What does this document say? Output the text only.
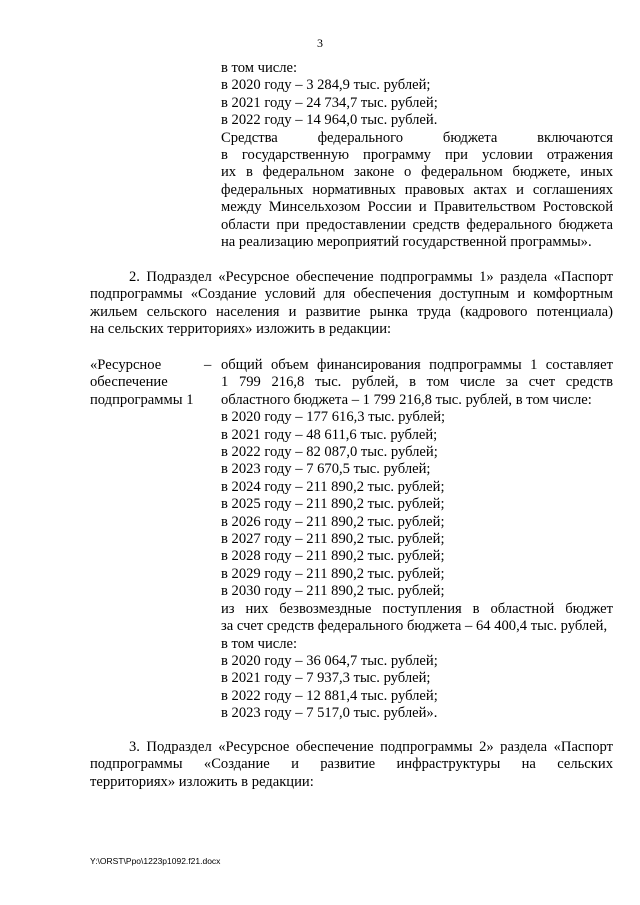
3
в том числе:
в 2020 году – 3 284,9 тыс. рублей;
в 2021 году – 24 734,7 тыс. рублей;
в 2022 году – 14 964,0 тыс. рублей.
Средства федерального бюджета включаются
в государственную программу при условии отражения
их в федеральном законе о федеральном бюджете, иных
федеральных нормативных правовых актах и соглашениях
между Минсельхозом России и Правительством Ростовской
области при предоставлении средств федерального бюджета
на реализацию мероприятий государственной программы».
2. Подраздел «Ресурсное обеспечение подпрограммы 1» раздела «Паспорт
подпрограммы «Создание условий для обеспечения доступным и комфортным
жильем сельского населения и развитие рынка труда (кадрового потенциала)
на сельских территориях» изложить в редакции:
«Ресурсное обеспечение подпрограммы 1
– общий объем финансирования подпрограммы 1 составляет
1 799 216,8 тыс. рублей, в том числе за счет средств
областного бюджета – 1 799 216,8 тыс. рублей, в том числе:
в 2020 году – 177 616,3 тыс. рублей;
в 2021 году – 48 611,6 тыс. рублей;
в 2022 году – 82 087,0 тыс. рублей;
в 2023 году – 7 670,5 тыс. рублей;
в 2024 году – 211 890,2 тыс. рублей;
в 2025 году – 211 890,2 тыс. рублей;
в 2026 году – 211 890,2 тыс. рублей;
в 2027 году – 211 890,2 тыс. рублей;
в 2028 году – 211 890,2 тыс. рублей;
в 2029 году – 211 890,2 тыс. рублей;
в 2030 году – 211 890,2 тыс. рублей;
из них безвозмездные поступления в областной бюджет
за счет средств федерального бюджета – 64 400,4 тыс. рублей,
в том числе:
в 2020 году – 36 064,7 тыс. рублей;
в 2021 году – 7 937,3 тыс. рублей;
в 2022 году – 12 881,4 тыс. рублей;
в 2023 году – 7 517,0 тыс. рублей».
3. Подраздел «Ресурсное обеспечение подпрограммы 2» раздела «Паспорт
подпрограммы «Создание и развитие инфраструктуры на сельских
территориях» изложить в редакции:
Y:\ORST\Ppo\1223p1092.f21.docx
